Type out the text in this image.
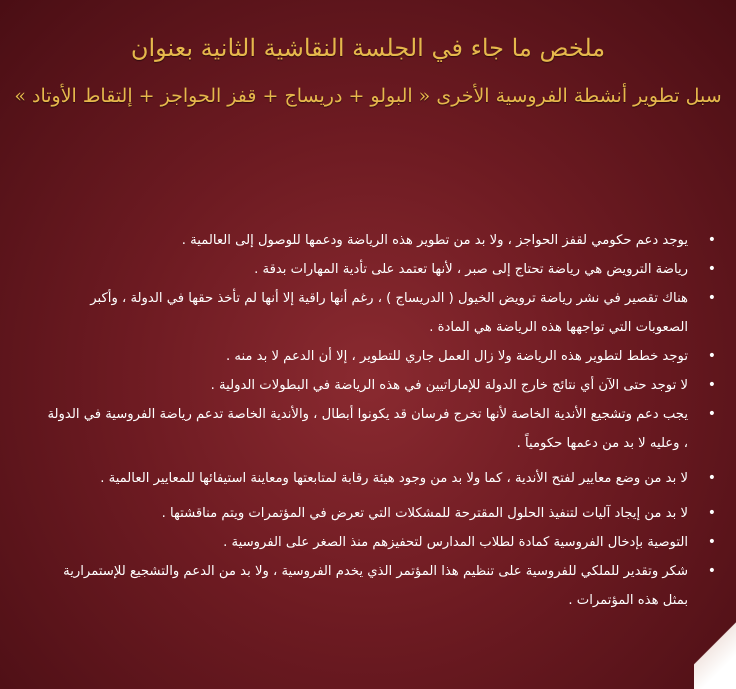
ملخص ما جاء في الجلسة النقاشية الثانية بعنوان
سبل تطوير أنشطة الفروسية الأخرى « البولو + دريساج + قفز الحواجز + إلتقاط الأوتاد »
• يوجد دعم حكومي لقفز الحواجز ، ولا بد من تطوير هذه الرياضة ودعمها للوصول إلى العالمية .
• رياضة الترويض هي رياضة تحتاج إلى صبر ، لأنها تعتمد على تأدية المهارات بدقة .
• هناك تقصير في نشر رياضة ترويض الخيول ( الدريساج ) ، رغم أنها راقية إلا أنها لم تأخذ حقها في الدولة ، وأكبر الصعوبات التي تواجهها هذه الرياضة هي المادة .
• توجد خطط لتطوير هذه الرياضة ولا زال العمل جاري للتطوير ، إلا أن الدعم لا بد منه .
• لا توجد حتى الآن أي نتائج خارج الدولة للإماراتيين في هذه الرياضة في البطولات الدولية .
• يجب دعم وتشجيع الأندية الخاصة لأنها تخرج فرسان قد يكونوا أبطال ، والأندية الخاصة تدعم رياضة الفروسية في الدولة ، وعليه لا بد من دعمها حكومياً .
• لا بد من وضع معايير لفتح الأندية ، كما ولا بد من وجود هيئة رقابة لمتابعتها ومعاينة استيفائها للمعايير العالمية .
• لا بد من إيجاد آليات لتنفيذ الحلول المقترحة للمشكلات التي تعرض في المؤتمرات ويتم مناقشتها .
• التوصية بإدخال الفروسية كمادة لطلاب المدارس لتحفيزهم منذ الصغر على الفروسية .
• شكر وتقدير للملكي للفروسية على تنظيم هذا المؤتمر الذي يخدم الفروسية ، ولا بد من الدعم والتشجيع للإستمرارية بمثل هذه المؤتمرات .
